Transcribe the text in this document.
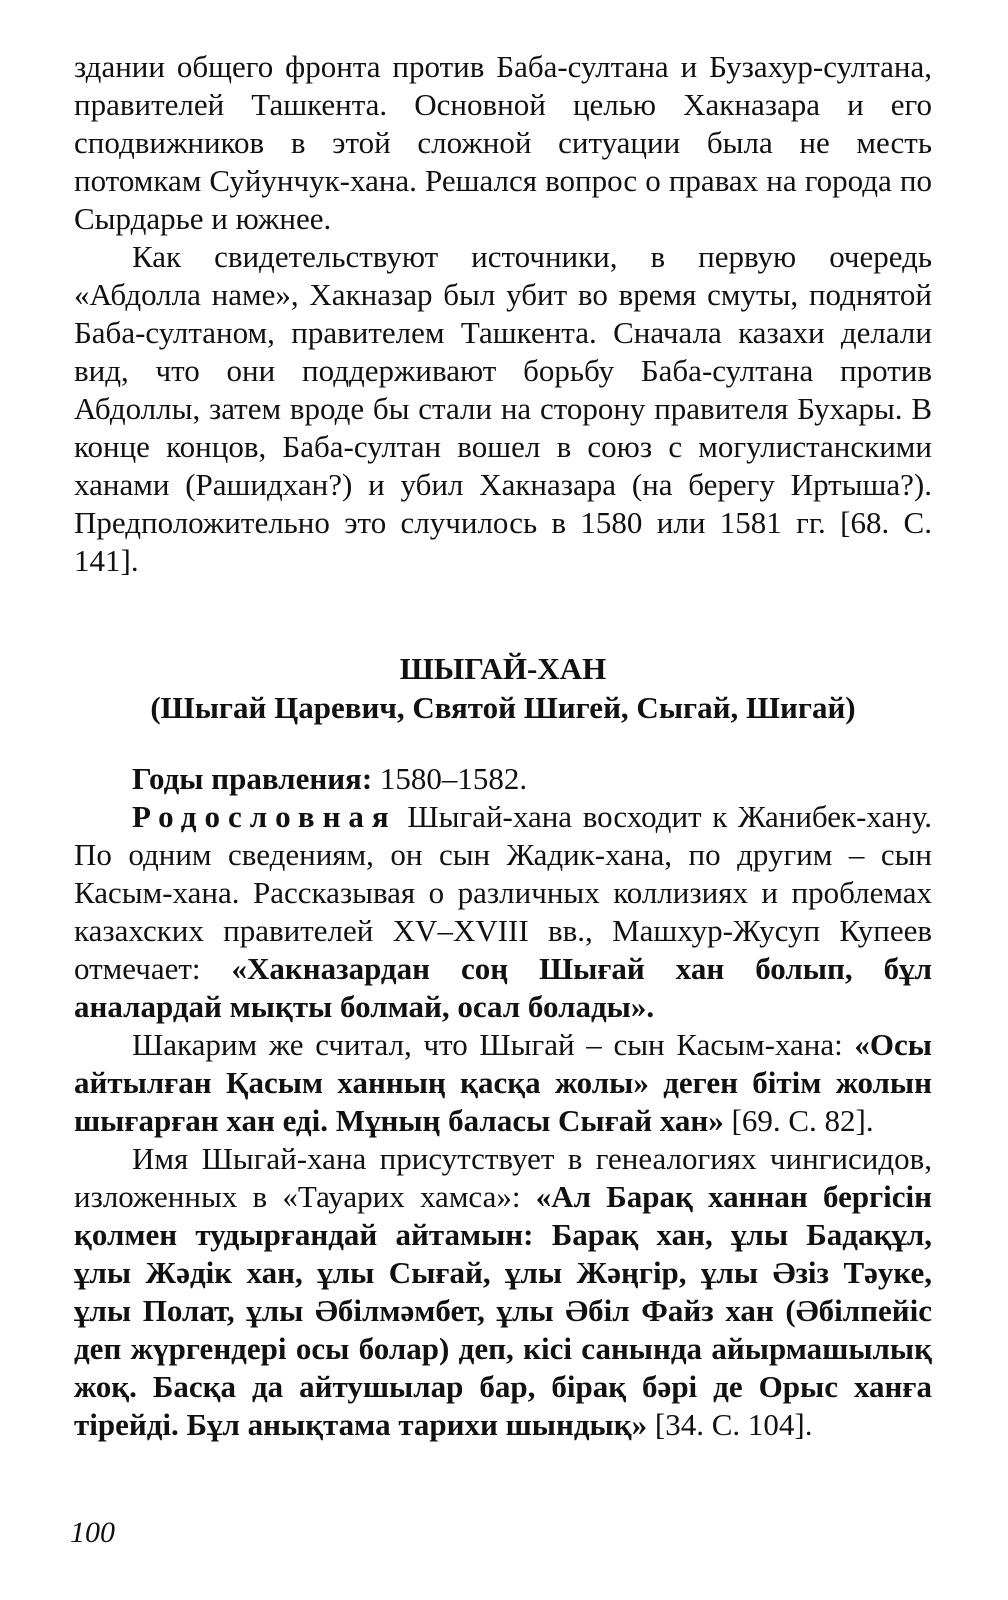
здании общего фронта против Баба-султана и Бузахур-султана, правителей Ташкента. Основной целью Хакназара и его сподвижников в этой сложной ситуации была не месть потомкам Суйунчук-хана. Решался вопрос о правах на города по Сырдарье и южнее.

Как свидетельствуют источники, в первую очередь «Абдолла наме», Хакназар был убит во время смуты, поднятой Баба-султаном, правителем Ташкента. Сначала казахи делали вид, что они поддерживают борьбу Баба-султана против Абдоллы, затем вроде бы стали на сторону правителя Бухары. В конце концов, Баба-султан вошел в союз с могулистанскими ханами (Рашидхан?) и убил Хакназара (на берегу Иртыша?). Предположительно это случилось в 1580 или 1581 гг. [68. С. 141].

ШЫГАЙ-ХАН
(Шыгай Царевич, Святой Шигей, Сыгай, Шигай)

Годы правления: 1580–1582.

Родословная Шыгай-хана восходит к Жанибек-хану. По одним сведениям, он сын Жадик-хана, по другим – сын Касым-хана. Рассказывая о различных коллизиях и проблемах казахских правителей XV–XVIII вв., Машхур-Жусуп Купеев отмечает: «Хакназардан соң Шығай хан болып, бұл аналардай мықты болмай, осал болады».

Шакарим же считал, что Шыгай – сын Касым-хана: «Осы айтылған Қасым ханның қасқа жолы» деген бітім жолын шығарған хан еді. Мұның баласы Сығай хан» [69. С. 82].

Имя Шыгай-хана присутствует в генеалогиях чингисидов, изложенных в «Тауарих хамса»: «Ал Барақ ханнан бергісін қолмен тудырғандай айтамын: Барақ хан, ұлы Бадақұл, ұлы Жәдік хан, ұлы Сығай, ұлы Жәңгір, ұлы Әзіз Тәуке, ұлы Полат, ұлы Әбілмәмбет, ұлы Әбіл Файз хан (Әбілпейіс деп жүргендері осы болар) деп, кісі санында айырмашылық жоқ. Басқа да айтушылар бар, бірақ бәрі де Орыс ханға тірейді. Бұл анықтама тарихи шындық» [34. С. 104].

100
